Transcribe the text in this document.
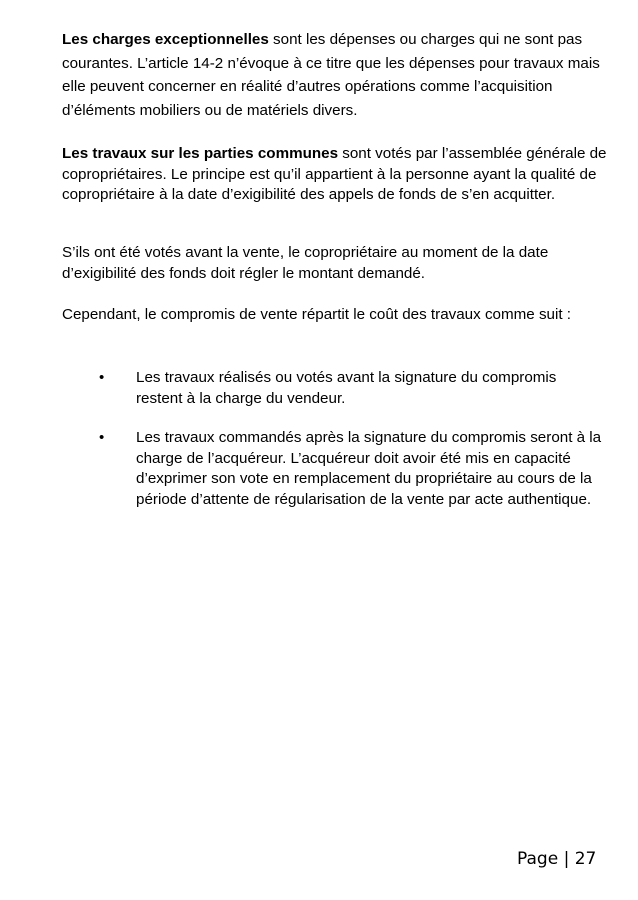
Les charges exceptionnelles sont les dépenses ou charges qui ne sont pas courantes. L’article 14-2 n’évoque à ce titre que les dépenses pour travaux mais elle peuvent concerner en réalité d’autres opérations comme l’acquisition d’éléments mobiliers ou de matériels divers.

Les travaux sur les parties communes sont votés par l’assemblée générale de copropriétaires. Le principe est qu’il appartient à la personne ayant la qualité de copropriétaire à la date d’exigibilité des appels de fonds de s’en acquitter.

S’ils ont été votés avant la vente, le copropriétaire au moment de la date d’exigibilité des fonds doit régler le montant demandé.

Cependant, le compromis de vente répartit le coût des travaux comme suit :

• Les travaux réalisés ou votés avant la signature du compromis restent à la charge du vendeur.
• Les travaux commandés après la signature du compromis seront à la charge de l’acquéreur. L’acquéreur doit avoir été mis en capacité d’exprimer son vote en remplacement du propriétaire au cours de la période d’attente de régularisation de la vente par acte authentique.
Page | 27
